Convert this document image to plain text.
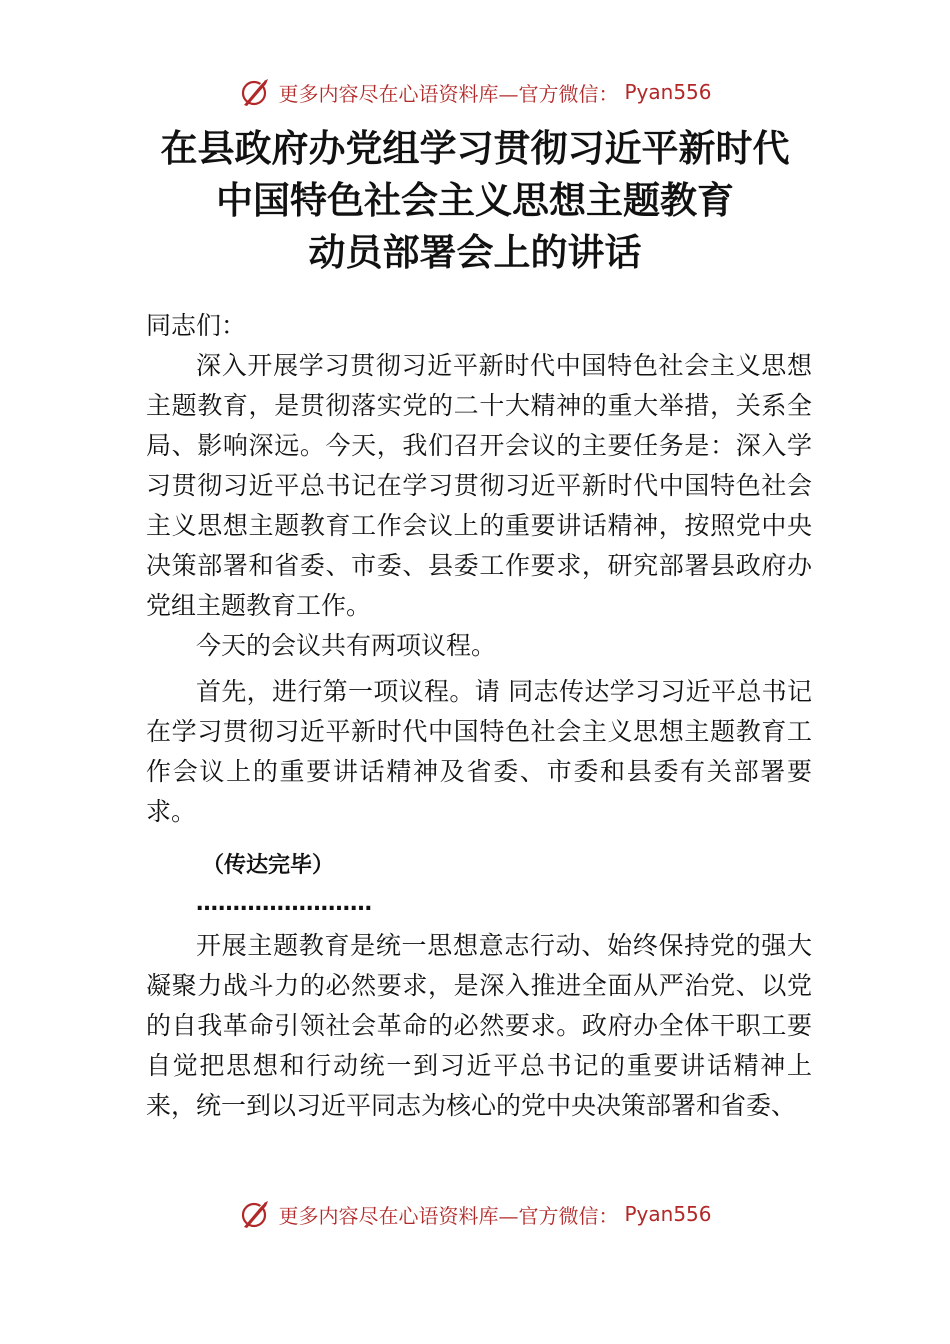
更多内容尽在心语资料库—官方微信： Pyan556
在县政府办党组学习贯彻习近平新时代
中国特色社会主义思想主题教育
动员部署会上的讲话

同志们：

深入开展学习贯彻习近平新时代中国特色社会主义思想主题教育，是贯彻落实党的二十大精神的重大举措，关系全局、影响深远。今天，我们召开会议的主要任务是：深入学习贯彻习近平总书记在学习贯彻习近平新时代中国特色社会主义思想主题教育工作会议上的重要讲话精神，按照党中央决策部署和省委、市委、县委工作要求，研究部署县政府办党组主题教育工作。

今天的会议共有两项议程。

首先，进行第一项议程。请 同志传达学习习近平总书记在学习贯彻习近平新时代中国特色社会主义思想主题教育工作会议上的重要讲话精神及省委、市委和县委有关部署要求。

（传达完毕）

……………………

开展主题教育是统一思想意志行动、始终保持党的强大凝聚力战斗力的必然要求，是深入推进全面从严治党、以党的自我革命引领社会革命的必然要求。政府办全体干职工要自觉把思想和行动统一到习近平总书记的重要讲话精神上来，统一到以习近平同志为核心的党中央决策部署和省委、

更多内容尽在心语资料库—官方微信： Pyan556
